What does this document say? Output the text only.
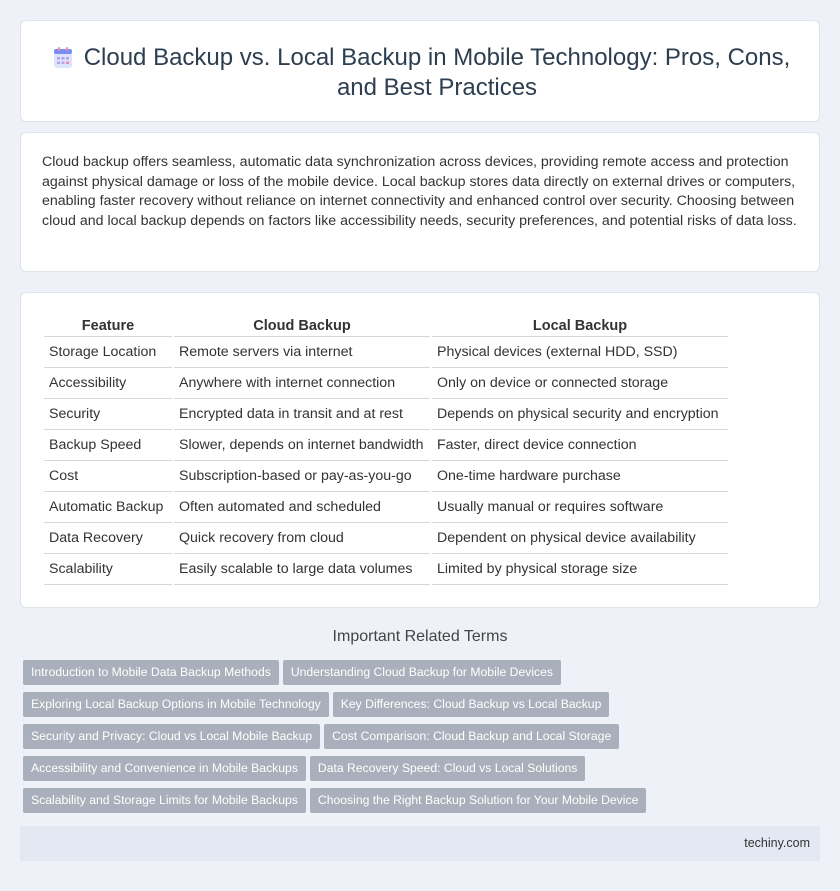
Cloud Backup vs. Local Backup in Mobile Technology: Pros, Cons, and Best Practices

Cloud backup offers seamless, automatic data synchronization across devices, providing remote access and protection against physical damage or loss of the mobile device. Local backup stores data directly on external drives or computers, enabling faster recovery without reliance on internet connectivity and enhanced control over security. Choosing between cloud and local backup depends on factors like accessibility needs, security preferences, and potential risks of data loss.

Feature	Cloud Backup	Local Backup
Storage Location	Remote servers via internet	Physical devices (external HDD, SSD)
Accessibility	Anywhere with internet connection	Only on device or connected storage
Security	Encrypted data in transit and at rest	Depends on physical security and encryption
Backup Speed	Slower, depends on internet bandwidth	Faster, direct device connection
Cost	Subscription-based or pay-as-you-go	One-time hardware purchase
Automatic Backup	Often automated and scheduled	Usually manual or requires software
Data Recovery	Quick recovery from cloud	Dependent on physical device availability
Scalability	Easily scalable to large data volumes	Limited by physical storage size
Important Related Terms
Introduction to Mobile Data Backup Methods Understanding Cloud Backup for Mobile Devices
Exploring Local Backup Options in Mobile Technology Key Differences: Cloud Backup vs Local Backup
Security and Privacy: Cloud vs Local Mobile Backup Cost Comparison: Cloud Backup and Local Storage
Accessibility and Convenience in Mobile Backups Data Recovery Speed: Cloud vs Local Solutions
Scalability and Storage Limits for Mobile Backups Choosing the Right Backup Solution for Your Mobile Device
techiny.com
